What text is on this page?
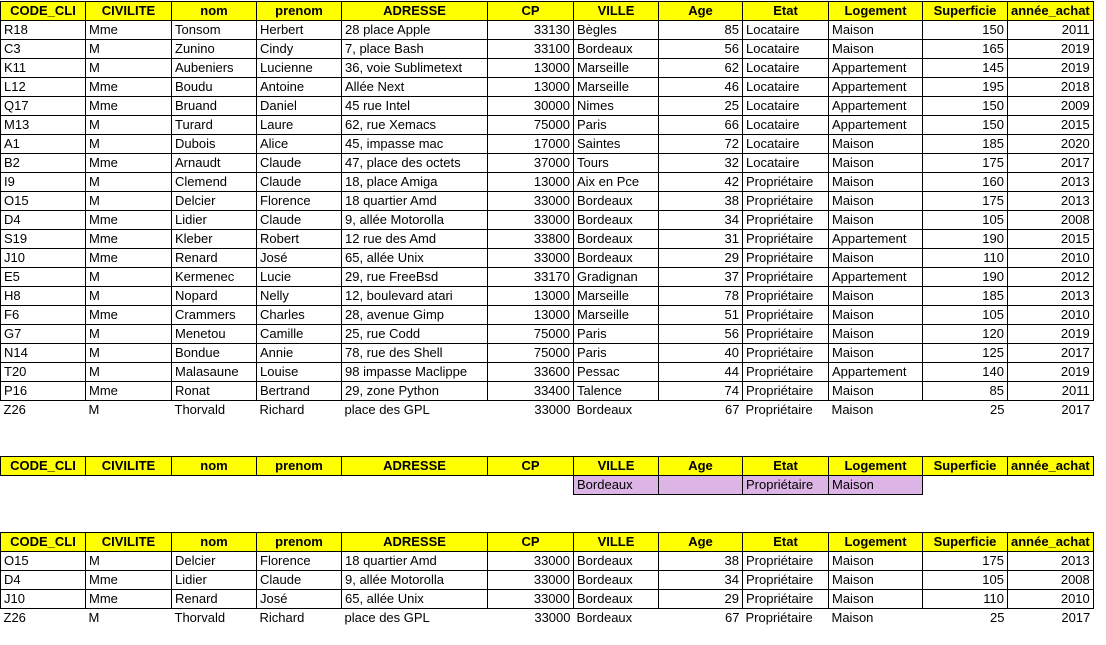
CODE_CLI	CIVILITE	nom	prenom	ADRESSE	CP	VILLE	Age	Etat	Logement	Superficie	année_achat
R18	Mme	Tonsom	Herbert	28 place Apple	33130	Bègles	85	Locataire	Maison	150	2011
C3	M	Zunino	Cindy	7, place Bash	33100	Bordeaux	56	Locataire	Maison	165	2019
K11	M	Aubeniers	Lucienne	36, voie Sublimetext	13000	Marseille	62	Locataire	Appartement	145	2019
L12	Mme	Boudu	Antoine	Allée Next	13000	Marseille	46	Locataire	Appartement	195	2018
Q17	Mme	Bruand	Daniel	45 rue Intel	30000	Nimes	25	Locataire	Appartement	150	2009
M13	M	Turard	Laure	62, rue Xemacs	75000	Paris	66	Locataire	Appartement	150	2015
A1	M	Dubois	Alice	45, impasse mac	17000	Saintes	72	Locataire	Maison	185	2020
B2	Mme	Arnaudt	Claude	47, place des octets	37000	Tours	32	Locataire	Maison	175	2017
I9	M	Clemend	Claude	18, place Amiga	13000	Aix en Pce	42	Propriétaire	Maison	160	2013
O15	M	Delcier	Florence	18 quartier Amd	33000	Bordeaux	38	Propriétaire	Maison	175	2013
D4	Mme	Lidier	Claude	9, allée Motorolla	33000	Bordeaux	34	Propriétaire	Maison	105	2008
S19	Mme	Kleber	Robert	12 rue des Amd	33800	Bordeaux	31	Propriétaire	Appartement	190	2015
J10	Mme	Renard	José	65, allée Unix	33000	Bordeaux	29	Propriétaire	Maison	110	2010
E5	M	Kermenec	Lucie	29, rue FreeBsd	33170	Gradignan	37	Propriétaire	Appartement	190	2012
H8	M	Nopard	Nelly	12, boulevard atari	13000	Marseille	78	Propriétaire	Maison	185	2013
F6	Mme	Crammers	Charles	28, avenue Gimp	13000	Marseille	51	Propriétaire	Maison	105	2010
G7	M	Menetou	Camille	25, rue Codd	75000	Paris	56	Propriétaire	Maison	120	2019
N14	M	Bondue	Annie	78, rue des Shell	75000	Paris	40	Propriétaire	Maison	125	2017
T20	M	Malasaune	Louise	98 impasse Maclippe	33600	Pessac	44	Propriétaire	Appartement	140	2019
P16	Mme	Ronat	Bertrand	29, zone Python	33400	Talence	74	Propriétaire	Maison	85	2011
Z26	M	Thorvald	Richard	place des GPL	33000	Bordeaux	67	Propriétaire	Maison	25	2017
CODE_CLI	CIVILITE	nom	prenom	ADRESSE	CP	VILLE	Age	Etat	Logement	Superficie	année_achat
						Bordeaux		Propriétaire	Maison		
CODE_CLI	CIVILITE	nom	prenom	ADRESSE	CP	VILLE	Age	Etat	Logement	Superficie	année_achat
O15	M	Delcier	Florence	18 quartier Amd	33000	Bordeaux	38	Propriétaire	Maison	175	2013
D4	Mme	Lidier	Claude	9, allée Motorolla	33000	Bordeaux	34	Propriétaire	Maison	105	2008
J10	Mme	Renard	José	65, allée Unix	33000	Bordeaux	29	Propriétaire	Maison	110	2010
Z26	M	Thorvald	Richard	place des GPL	33000	Bordeaux	67	Propriétaire	Maison	25	2017
